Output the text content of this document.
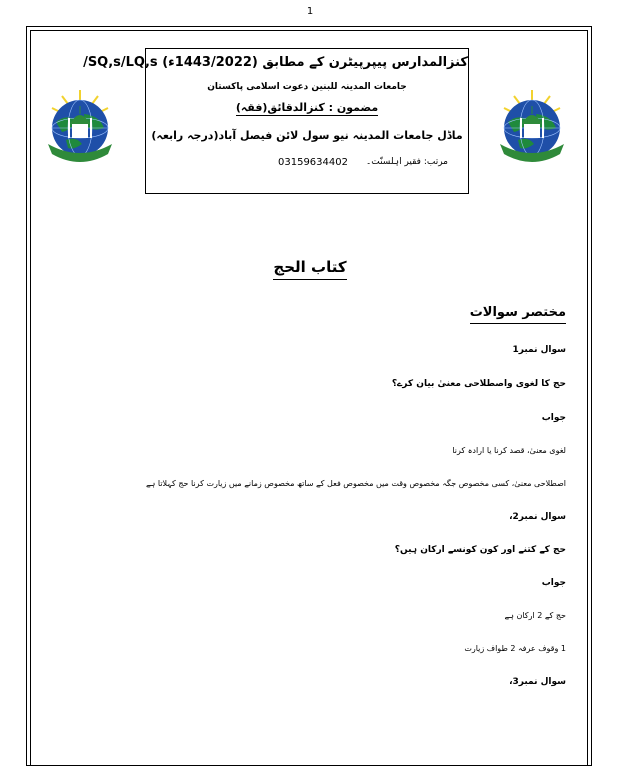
1
کنزالمدارس پیپرپیٹرن کے مطابق (1443/2022ء) SQ,s/LQ,s/
جامعات المدینہ للبنین دعوت اسلامی پاکستان
مضمون : کنزالدقائق(فقہ)
ماڈل جامعات المدینہ نیو سول لائن فیصل آباد(درجہ رابعہ)
مرتب: فقیر اہلسنّت۔
03159634402
کتاب الحج
مختصر سوالات
سوال نمبر1
حج کا لغوی واصطلاحی معنیٰ بیان کرے؟
جواب
لغوی معنیٰ، قصد کرنا یا ارادہ کرنا
اصطلاحی معنیٰ، کسی مخصوص جگہ مخصوص وقت میں مخصوص فعل کے ساتھ مخصوص زمانے میں زیارت کرنا حج کہلاتا ہے
سوال نمبر2،
حج کے کتنے اور کون کونسے ارکان ہیں؟
جواب
حج کے 2 ارکان ہے
1 وقوف عرفہ 2 طواف زیارت
سوال نمبر3،
